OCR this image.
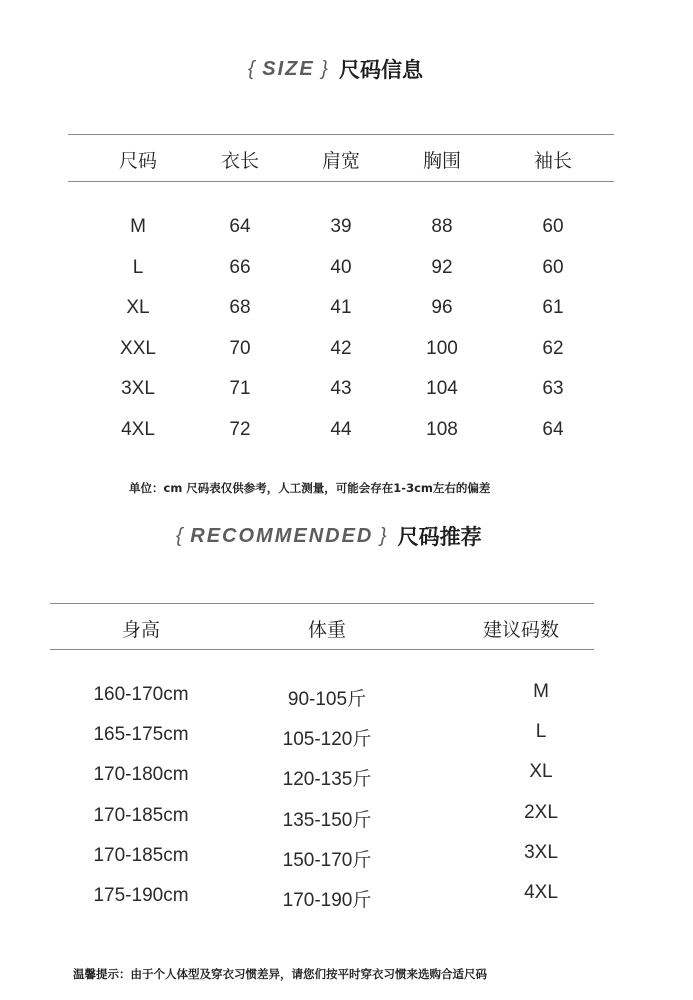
{ SIZE } 尺码信息
尺码	衣长	肩宽	胸围	袖长
M	64	39	88	60
L	66	40	92	60
XL	68	41	96	61
XXL	70	42	100	62
3XL	71	43	104	63
4XL	72	44	108	64
单位：cm 尺码表仅供参考，人工测量，可能会存在1-3cm左右的偏差
{ RECOMMENDED } 尺码推荐
身高	体重	建议码数
160-170cm	90-105斤	M
165-175cm	105-120斤	L
170-180cm	120-135斤	XL
170-185cm	135-150斤	2XL
170-185cm	150-170斤	3XL
175-190cm	170-190斤	4XL
温馨提示：由于个人体型及穿衣习惯差异，请您们按平时穿衣习惯来选购合适尺码
